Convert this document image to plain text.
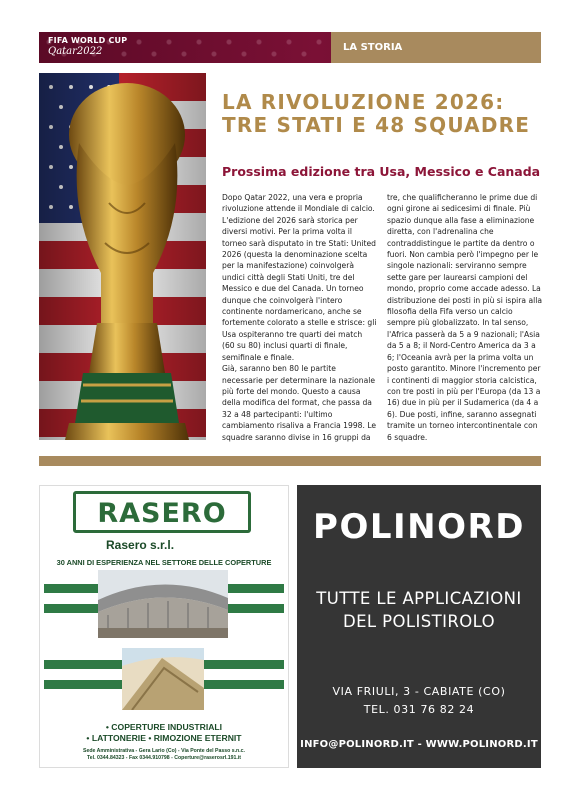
FIFA WORLD CUP
Qatar2022	LA STORIA
LA RIVOLUZIONE 2026: TRE STATI E 48 SQUADRE
Prossima edizione tra Usa, Messico e Canada
Dopo Qatar 2022, una vera e propria rivoluzione attende il Mondiale di calcio. L'edizione del 2026 sarà storica per diversi motivi. Per la prima volta il torneo sarà disputato in tre Stati: United 2026 (questa la denominazione scelta per la manifestazione) coinvolgerà undici città degli Stati Uniti, tre del Messico e due del Canada. Un torneo dunque che coinvolgerà l'intero continente nordamericano, anche se fortemente colorato a stelle e strisce: gli Usa ospiteranno tre quarti dei match (60 su 80) inclusi quarti di finale, semifinale e finale.
Già, saranno ben 80 le partite necessarie per determinare la nazionale più forte del mondo. Questo a causa della modifica del format, che passa da 32 a 48 partecipanti: l'ultimo cambiamento risaliva a Francia 1998. Le squadre saranno divise in 16 gruppi da
tre, che qualificheranno le prime due di ogni girone ai sedicesimi di finale. Più spazio dunque alla fase a eliminazione diretta, con l'adrenalina che contraddistingue le partite da dentro o fuori. Non cambia però l'impegno per le singole nazionali: serviranno sempre sette gare per laurearsi campioni del mondo, proprio come accade adesso. La distribuzione dei posti in più si ispira alla filosofia della Fifa verso un calcio sempre più globalizzato. In tal senso, l'Africa passerà da 5 a 9 nazionali; l'Asia da 5 a 8; il Nord-Centro America da 3 a 6; l'Oceania avrà per la prima volta un posto garantito. Minore l'incremento per i continenti di maggior storia calcistica, con tre posti in più per l'Europa (da 13 a 16) due in più per il Sudamerica (da 4 a 6). Due posti, infine, saranno assegnati tramite un torneo intercontinentale con 6 squadre.
RASERO
Rasero s.r.l.
30 ANNI DI ESPERIENZA NEL SETTORE DELLE COPERTURE
• COPERTURE INDUSTRIALI
• LATTONERIE • RIMOZIONE ETERNIT
Sede Amministrativa - Gera Lario (Co) - Via Ponte del Passo s.n.c.
Tel. 0344.84323 - Fax 0344.910798 - Coperture@raserosrl.191.it
POLINORD
TUTTE LE APPLICAZIONI
DEL POLISTIROLO
VIA FRIULI, 3 - CABIATE (CO)
TEL. 031 76 82 24
INFO@POLINORD.IT - WWW.POLINORD.IT
